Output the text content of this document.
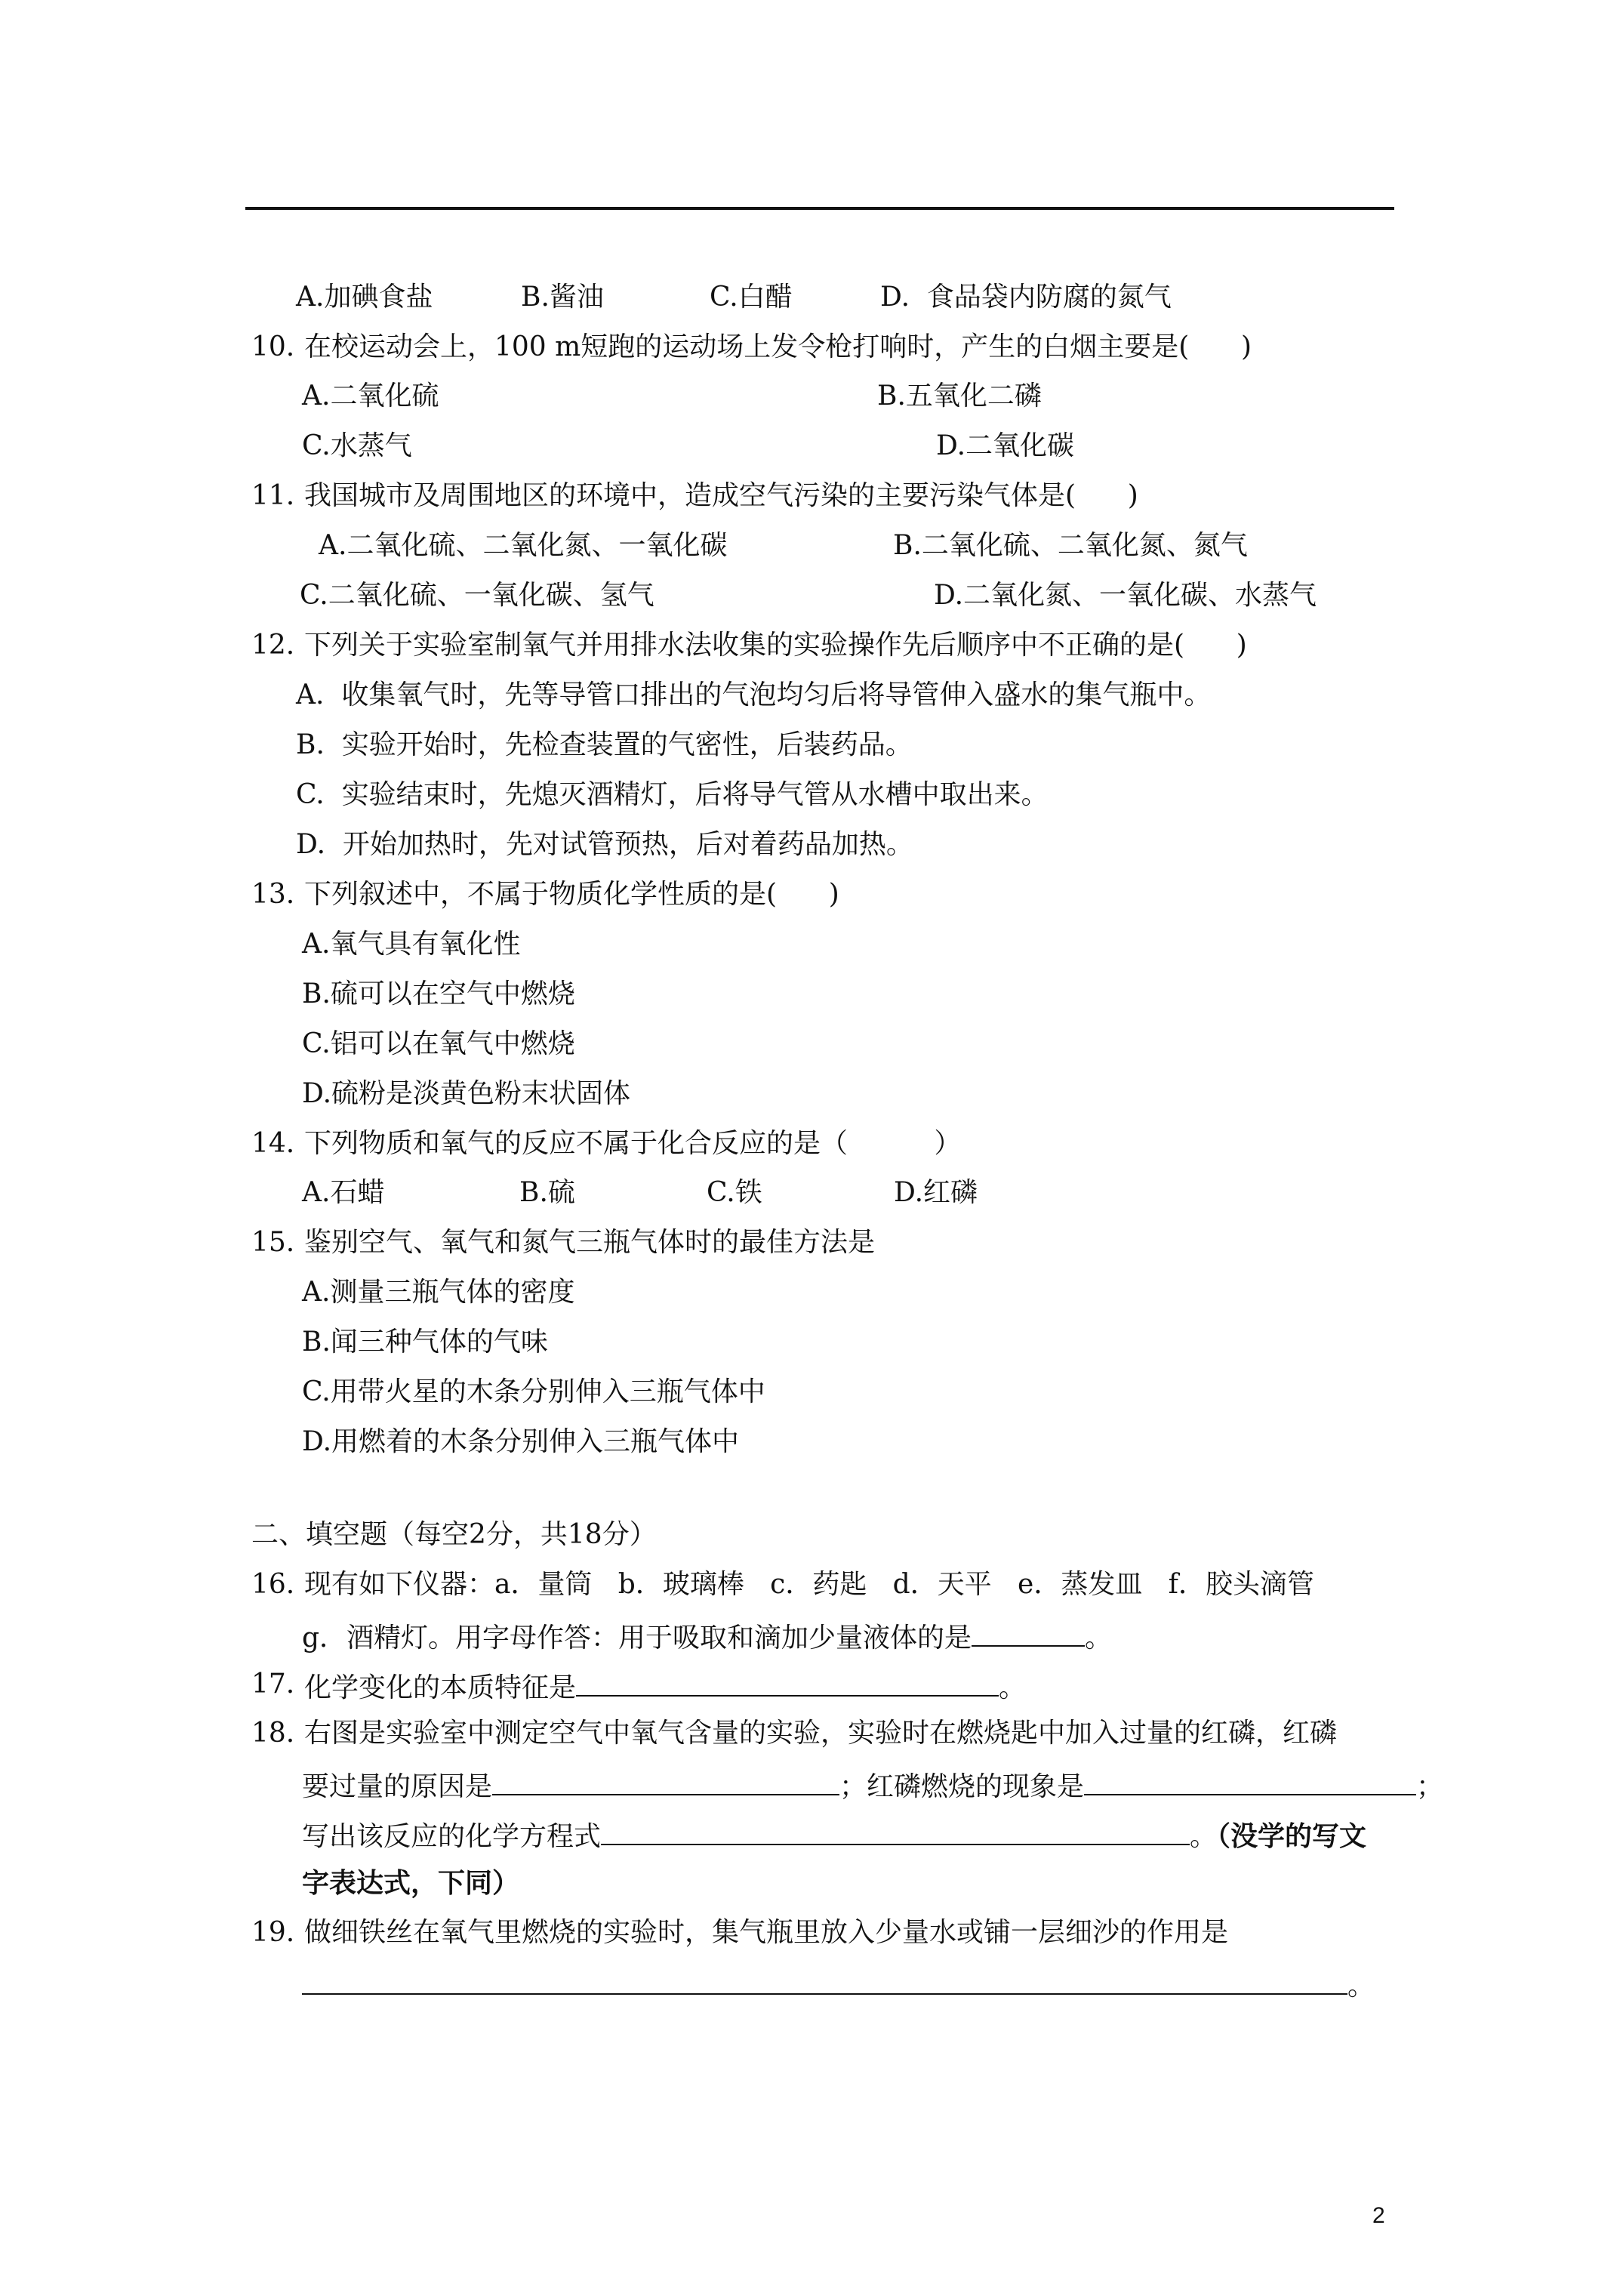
A.加碘食盐	B.酱油	C.白醋	D.  食品袋内防腐的氮气
10. 在校运动会上，100 m短跑的运动场上发令枪打响时，产生的白烟主要是(      )
A.二氧化硫	B.五氧化二磷
C.水蒸气	D.二氧化碳
11. 我国城市及周围地区的环境中，造成空气污染的主要污染气体是(      )
A.二氧化硫、二氧化氮、一氧化碳	B.二氧化硫、二氧化氮、氮气
C.二氧化硫、一氧化碳、氢气	D.二氧化氮、一氧化碳、水蒸气
12. 下列关于实验室制氧气并用排水法收集的实验操作先后顺序中不正确的是(      )
A.  收集氧气时，先等导管口排出的气泡均匀后将导管伸入盛水的集气瓶中。
B.  实验开始时，先检查装置的气密性，后装药品。
C.  实验结束时，先熄灭酒精灯，后将导气管从水槽中取出来。
D.  开始加热时，先对试管预热，后对着药品加热。
13. 下列叙述中，不属于物质化学性质的是(      )
A.氧气具有氧化性
B.硫可以在空气中燃烧
C.铝可以在氧气中燃烧
D.硫粉是淡黄色粉末状固体
14. 下列物质和氧气的反应不属于化合反应的是（          ）
A.石蜡	B.硫	C.铁	D.红磷
15. 鉴别空气、氧气和氮气三瓶气体时的最佳方法是
A.测量三瓶气体的密度
B.闻三种气体的气味
C.用带火星的木条分别伸入三瓶气体中
D.用燃着的木条分别伸入三瓶气体中
二、填空题（每空2分，共18分）
16. 现有如下仪器：a．量筒   b．玻璃棒   c．药匙   d．天平   e．蒸发皿   f．胶头滴管
g．酒精灯。用字母作答：用于吸取和滴加少量液体的是	。
17. 化学变化的本质特征是	。
18. 右图是实验室中测定空气中氧气含量的实验，实验时在燃烧匙中加入过量的红磷，红磷
要过量的原因是	；红磷燃烧的现象是	；
写出该反应的化学方程式	。（没学的写文
字表达式，下同）
19. 做细铁丝在氧气里燃烧的实验时，集气瓶里放入少量水或铺一层细沙的作用是
。
2
